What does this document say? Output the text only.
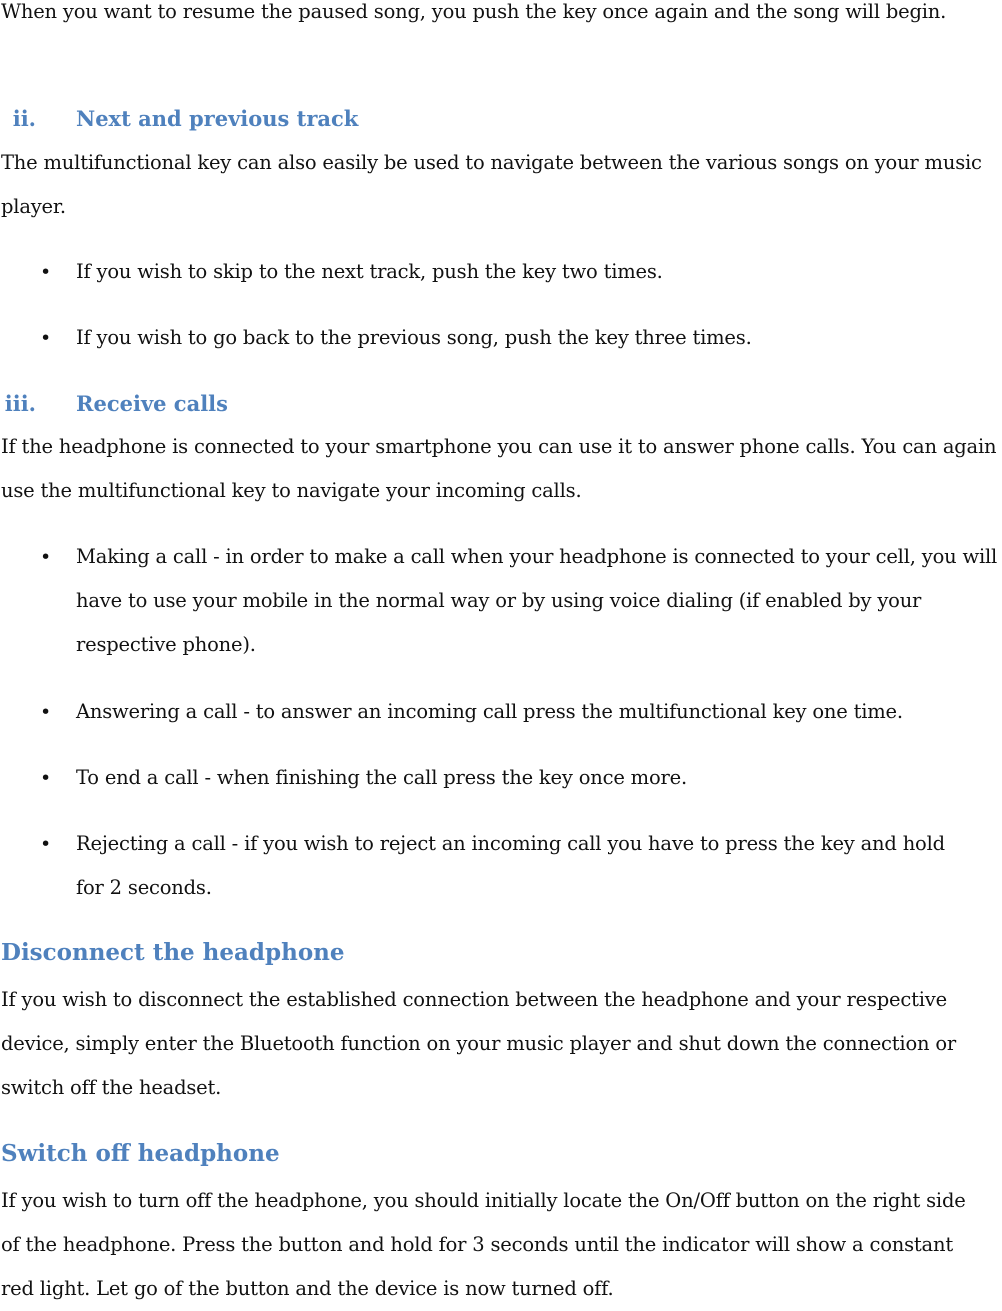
When you want to resume the paused song, you push the key once again and the song will begin.

ii. Next and previous track

The multifunctional key can also easily be used to navigate between the various songs on your music player.

• If you wish to skip to the next track, push the key two times.
• If you wish to go back to the previous song, push the key three times.
iii. Receive calls

If the headphone is connected to your smartphone you can use it to answer phone calls. You can again use the multifunctional key to navigate your incoming calls.

• Making a call - in order to make a call when your headphone is connected to your cell, you will have to use your mobile in the normal way or by using voice dialing (if enabled by your respective phone).
• Answering a call - to answer an incoming call press the multifunctional key one time.
• To end a call - when finishing the call press the key once more.
• Rejecting a call - if you wish to reject an incoming call you have to press the key and hold for 2 seconds.
Disconnect the headphone

If you wish to disconnect the established connection between the headphone and your respective device, simply enter the Bluetooth function on your music player and shut down the connection or switch off the headset.

Switch off headphone

If you wish to turn off the headphone, you should initially locate the On/Off button on the right side of the headphone. Press the button and hold for 3 seconds until the indicator will show a constant red light. Let go of the button and the device is now turned off.
